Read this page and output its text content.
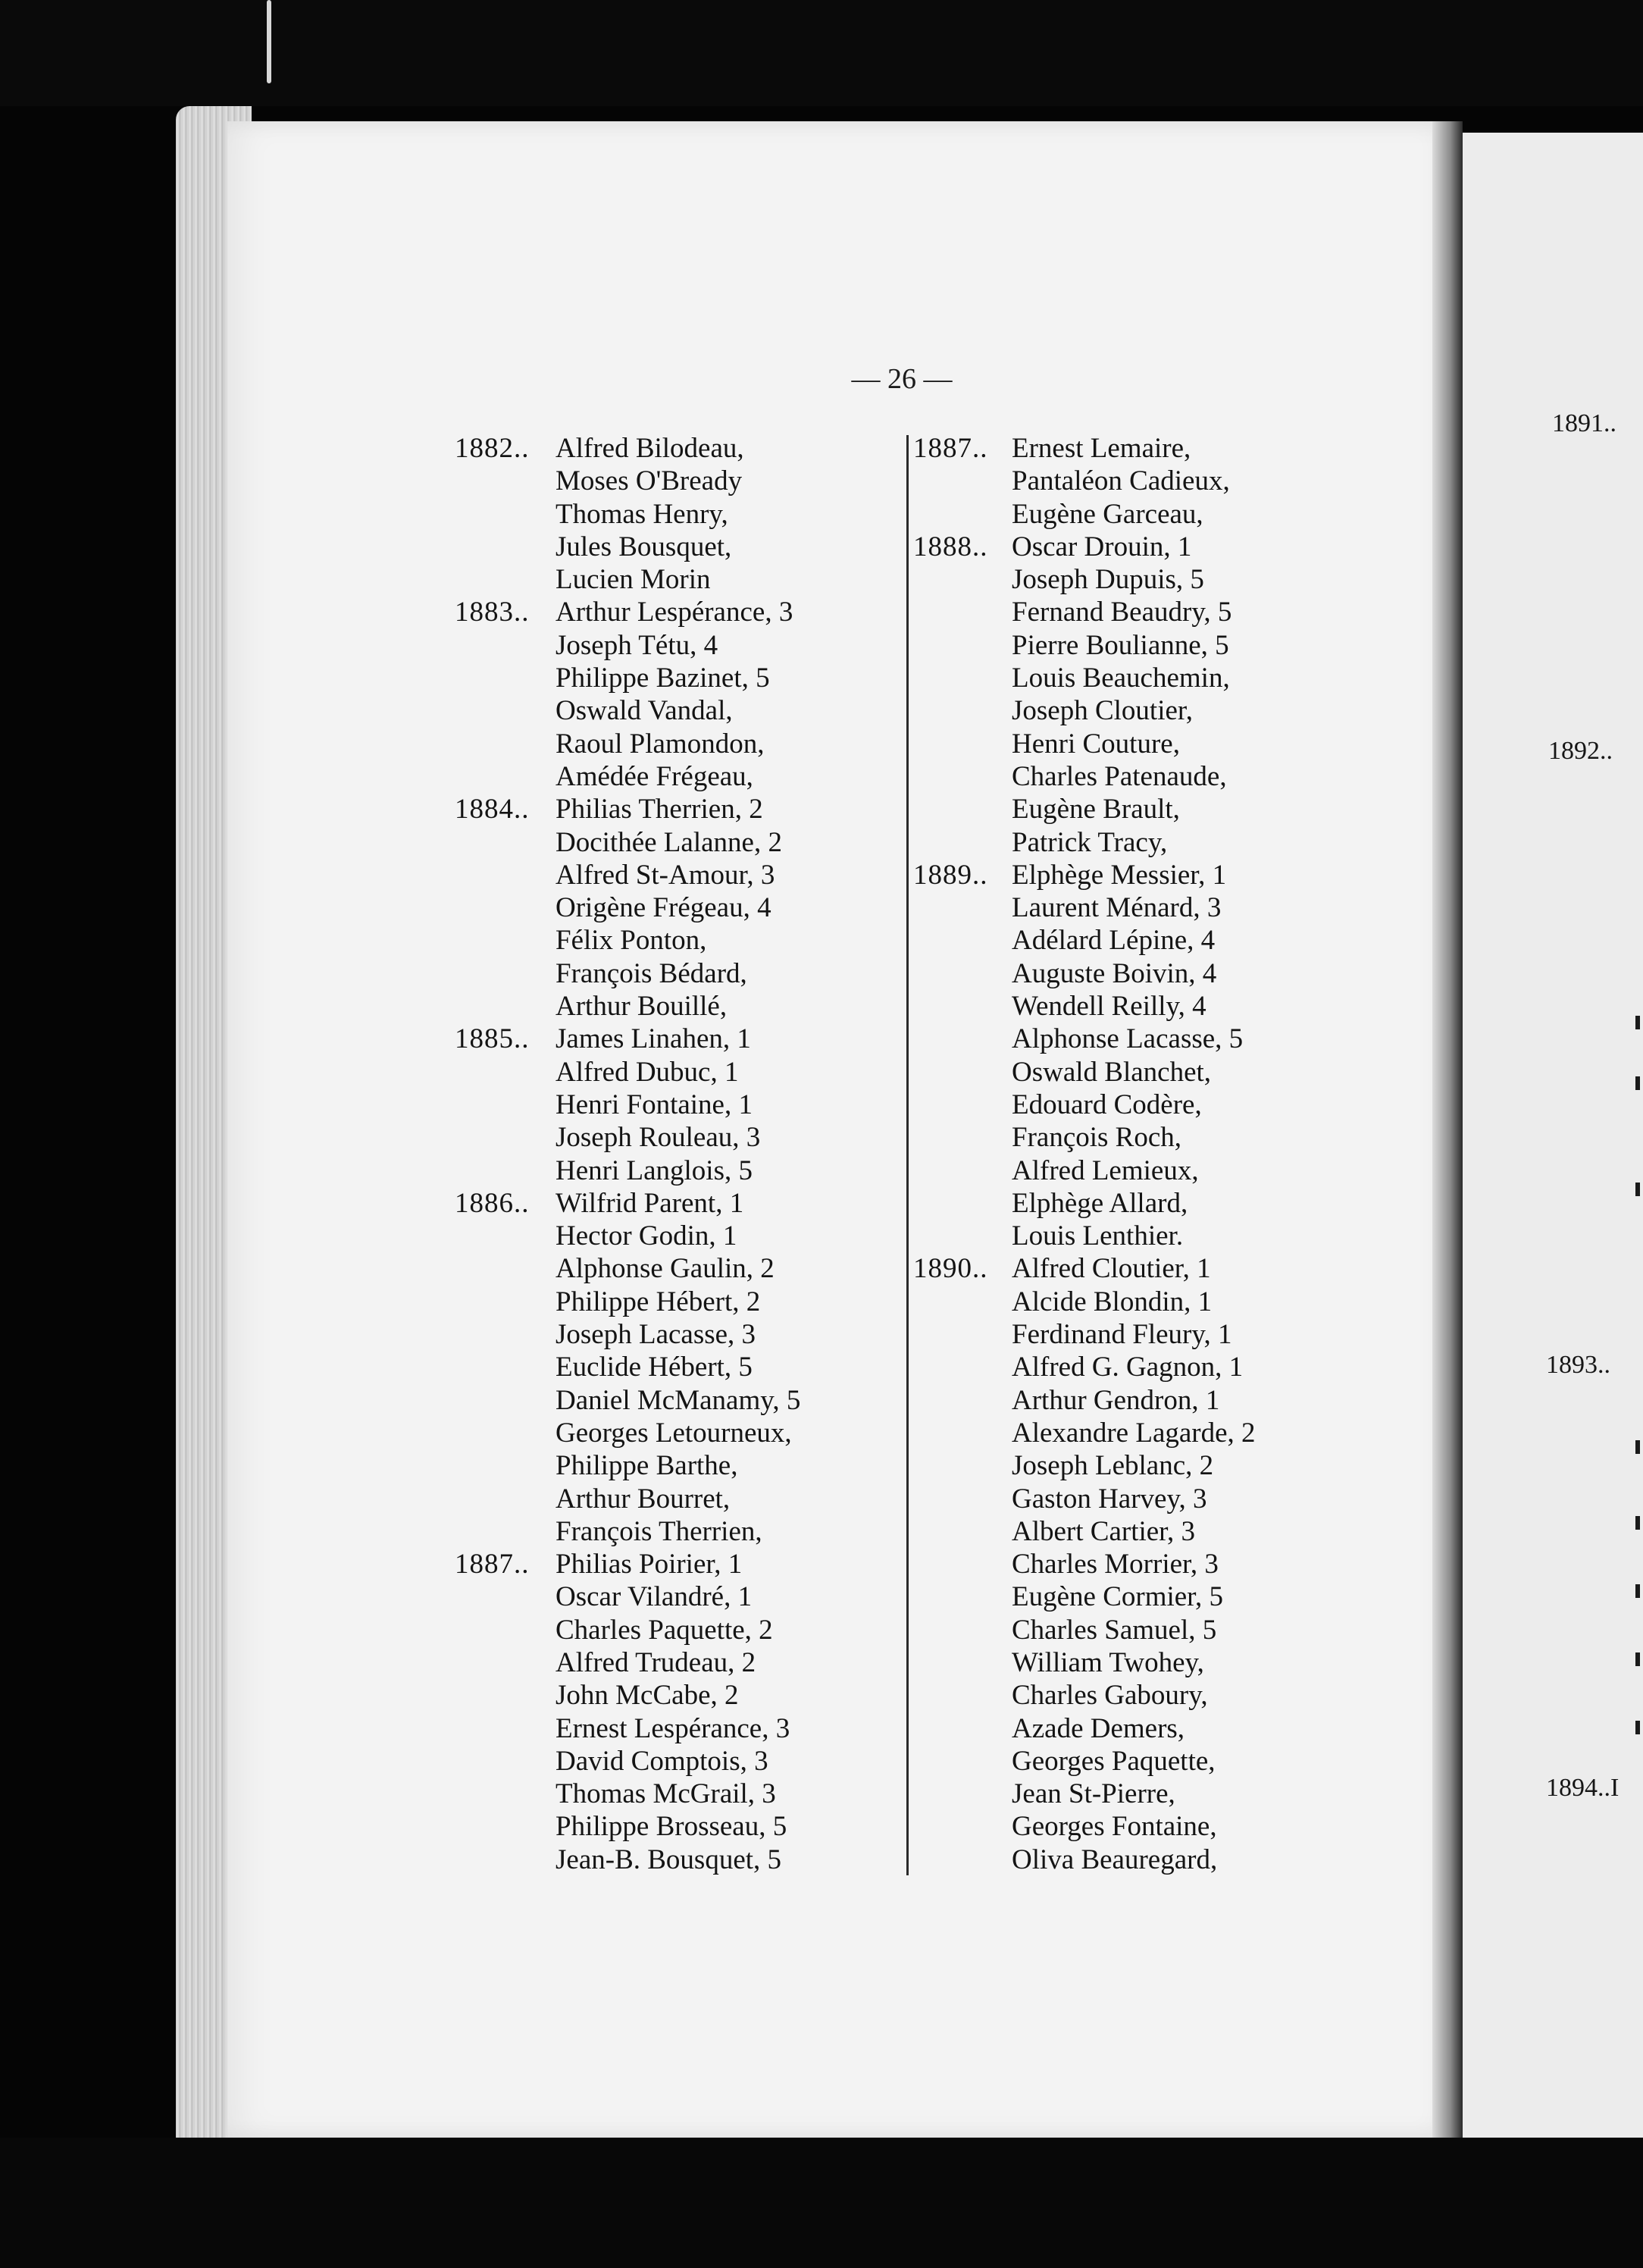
— 26 —
1882.. Alfred Bilodeau,
Moses O'Bready
Thomas Henry,
Jules Bousquet,
Lucien Morin
1883.. Arthur Lespérance, 3
Joseph Tétu, 4
Philippe Bazinet, 5
Oswald Vandal,
Raoul Plamondon,
Amédée Frégeau,
1884.. Philias Therrien, 2
Docithée Lalanne, 2
Alfred St-Amour, 3
Origène Frégeau, 4
Félix Ponton,
François Bédard,
Arthur Bouillé,
1885.. James Linahen, 1
Alfred Dubuc, 1
Henri Fontaine, 1
Joseph Rouleau, 3
Henri Langlois, 5
1886.. Wilfrid Parent, 1
Hector Godin, 1
Alphonse Gaulin, 2
Philippe Hébert, 2
Joseph Lacasse, 3
Euclide Hébert, 5
Daniel McManamy, 5
Georges Letourneux,
Philippe Barthe,
Arthur Bourret,
François Therrien,
1887.. Philias Poirier, 1
Oscar Vilandré, 1
Charles Paquette, 2
Alfred Trudeau, 2
John McCabe, 2
Ernest Lespérance, 3
David Comptois, 3
Thomas McGrail, 3
Philippe Brosseau, 5
Jean-B. Bousquet, 5
1887.. Ernest Lemaire,
Pantaléon Cadieux,
Eugène Garceau,
1888.. Oscar Drouin, 1
Joseph Dupuis, 5
Fernand Beaudry, 5
Pierre Boulianne, 5
Louis Beauchemin,
Joseph Cloutier,
Henri Couture,
Charles Patenaude,
Eugène Brault,
Patrick Tracy,
1889.. Elphège Messier, 1
Laurent Ménard, 3
Adélard Lépine, 4
Auguste Boivin, 4
Wendell Reilly, 4
Alphonse Lacasse, 5
Oswald Blanchet,
Edouard Codère,
François Roch,
Alfred Lemieux,
Elphège Allard,
Louis Lenthier.
1890.. Alfred Cloutier, 1
Alcide Blondin, 1
Ferdinand Fleury, 1
Alfred G. Gagnon, 1
Arthur Gendron, 1
Alexandre Lagarde, 2
Joseph Leblanc, 2
Gaston Harvey, 3
Albert Cartier, 3
Charles Morrier, 3
Eugène Cormier, 5
Charles Samuel, 5
William Twohey,
Charles Gaboury,
Azade Demers,
Georges Paquette,
Jean St-Pierre,
Georges Fontaine,
Oliva Beauregard,
1891..
1892..
1893..
1894..I
